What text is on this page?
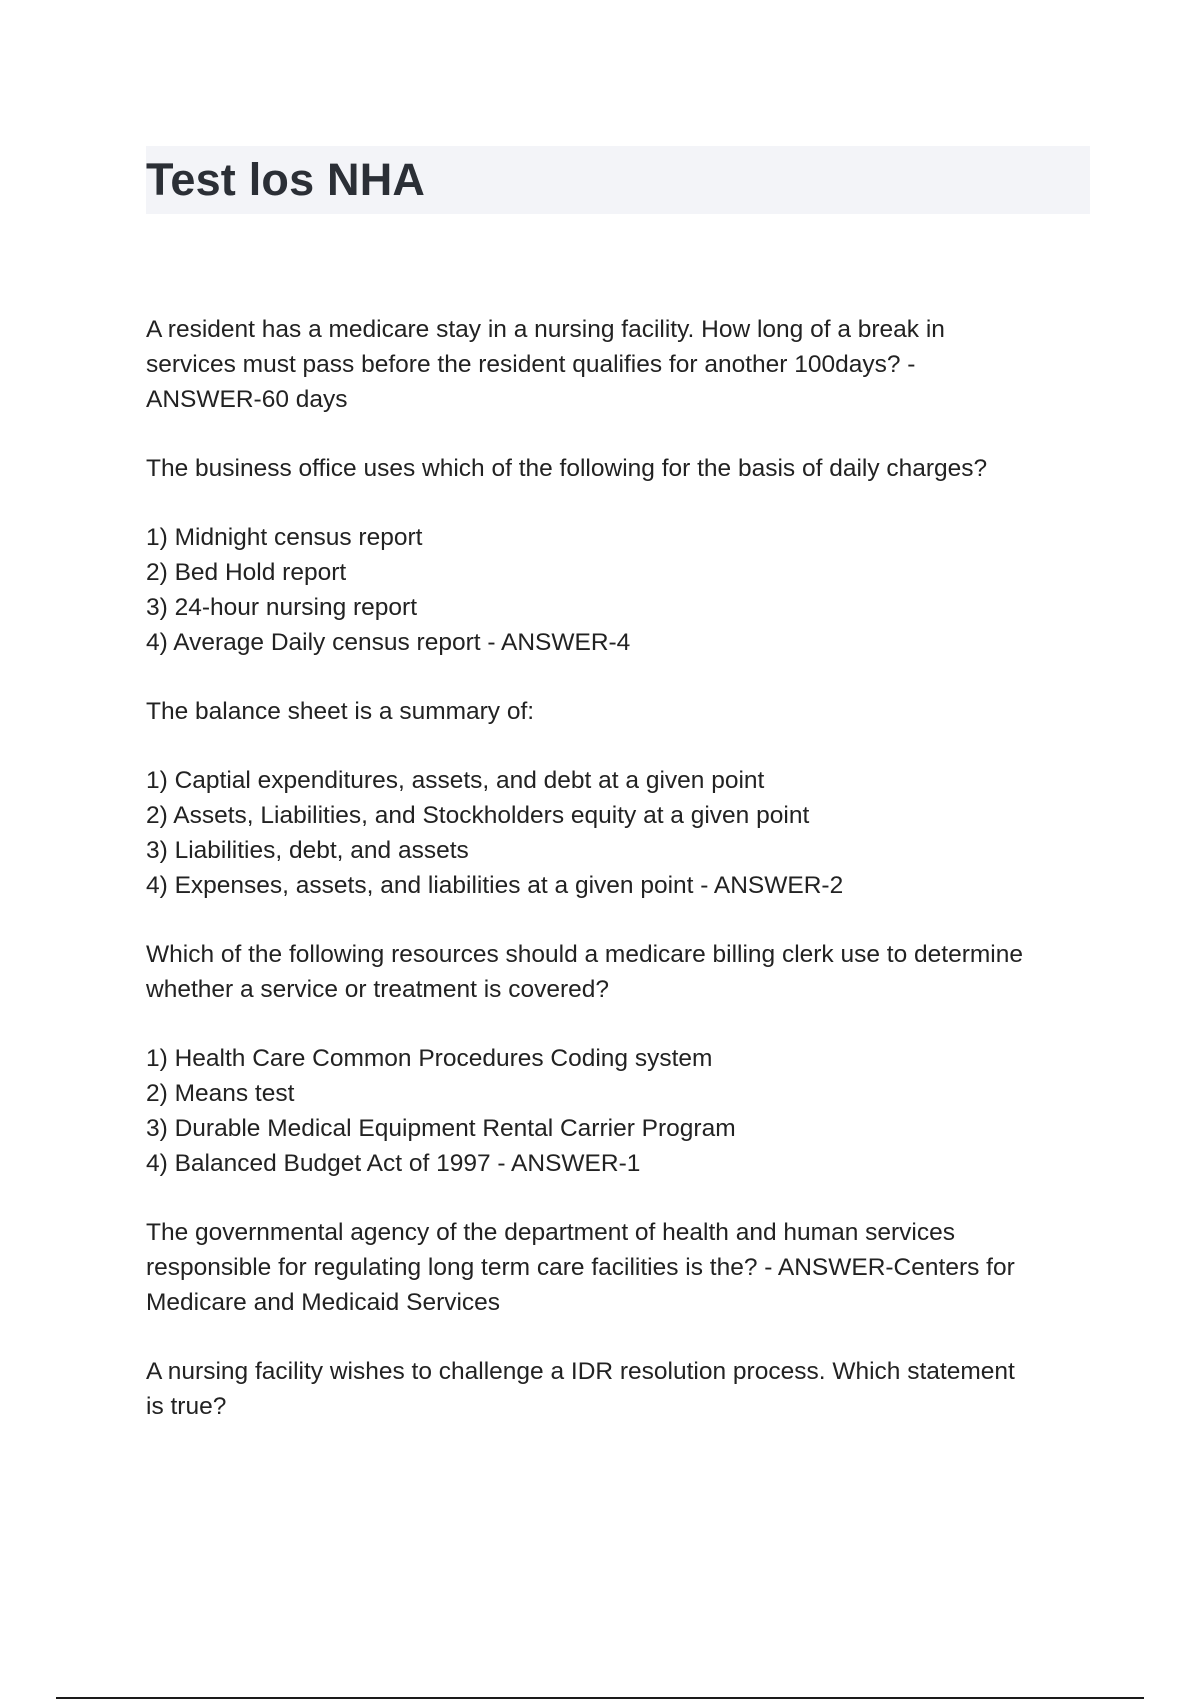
Test los NHA

A resident has a medicare stay in a nursing facility. How long of a break in
services must pass before the resident qualifies for another 100days? -
ANSWER-60 days

The business office uses which of the following for the basis of daily charges?

1) Midnight census report
2) Bed Hold report
3) 24-hour nursing report
4) Average Daily census report - ANSWER-4

The balance sheet is a summary of:

1) Captial expenditures, assets, and debt at a given point
2) Assets, Liabilities, and Stockholders equity at a given point
3) Liabilities, debt, and assets
4) Expenses, assets, and liabilities at a given point - ANSWER-2

Which of the following resources should a medicare billing clerk use to determine
whether a service or treatment is covered?

1) Health Care Common Procedures Coding system
2) Means test
3) Durable Medical Equipment Rental Carrier Program
4) Balanced Budget Act of 1997 - ANSWER-1

The governmental agency of the department of health and human services
responsible for regulating long term care facilities is the? - ANSWER-Centers for
Medicare and Medicaid Services

A nursing facility wishes to challenge a IDR resolution process. Which statement
is true?
